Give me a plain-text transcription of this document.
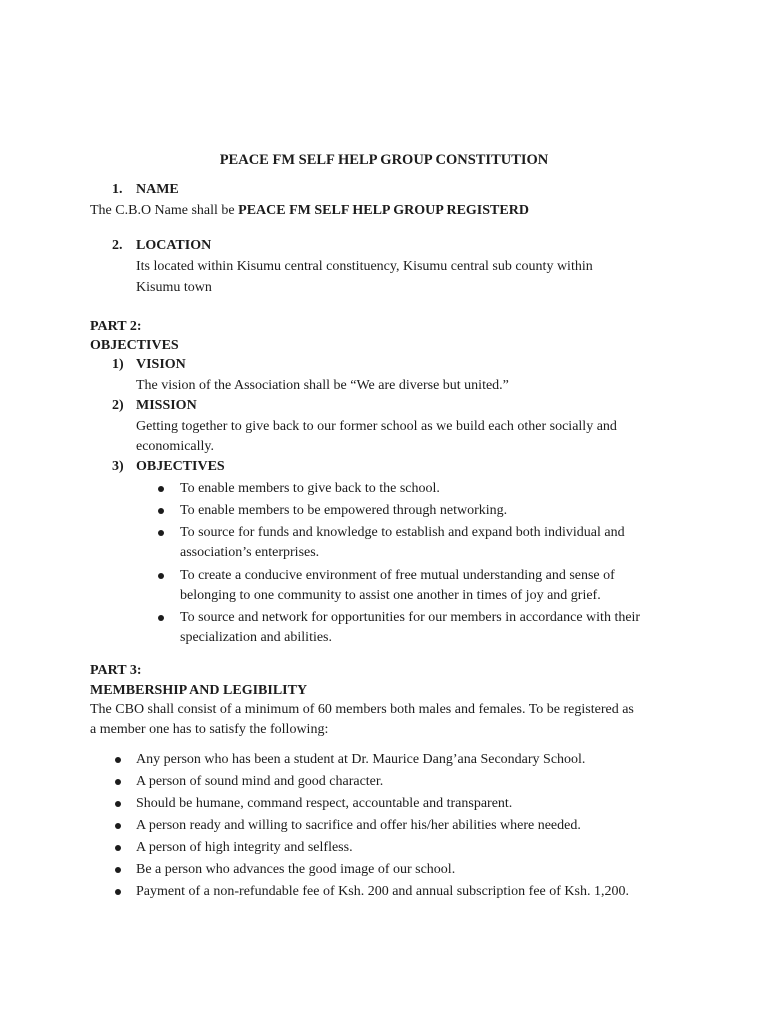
PEACE FM SELF HELP GROUP CONSTITUTION
1. NAME
The C.B.O Name shall be PEACE FM SELF HELP GROUP REGISTERD
2. LOCATION
Its located within Kisumu central constituency, Kisumu central sub county within
Kisumu town
PART 2:
OBJECTIVES
1) VISION
The vision of the Association shall be “We are diverse but united.”
2) MISSION
Getting together to give back to our former school as we build each other socially and
economically.
3) OBJECTIVES
To enable members to give back to the school.
To enable members to be empowered through networking.
To source for funds and knowledge to establish and expand both individual and
association’s enterprises.
To create a conducive environment of free mutual understanding and sense of
belonging to one community to assist one another in times of joy and grief.
To source and network for opportunities for our members in accordance with their
specialization and abilities.
PART 3:
MEMBERSHIP AND LEGIBILITY
The CBO shall consist of a minimum of 60 members both males and females. To be registered as
a member one has to satisfy the following:
Any person who has been a student at Dr. Maurice Dang’ana Secondary School.
A person of sound mind and good character.
Should be humane, command respect, accountable and transparent.
A person ready and willing to sacrifice and offer his/her abilities where needed.
A person of high integrity and selfless.
Be a person who advances the good image of our school.
Payment of a non-refundable fee of Ksh. 200 and annual subscription fee of Ksh. 1,200.
